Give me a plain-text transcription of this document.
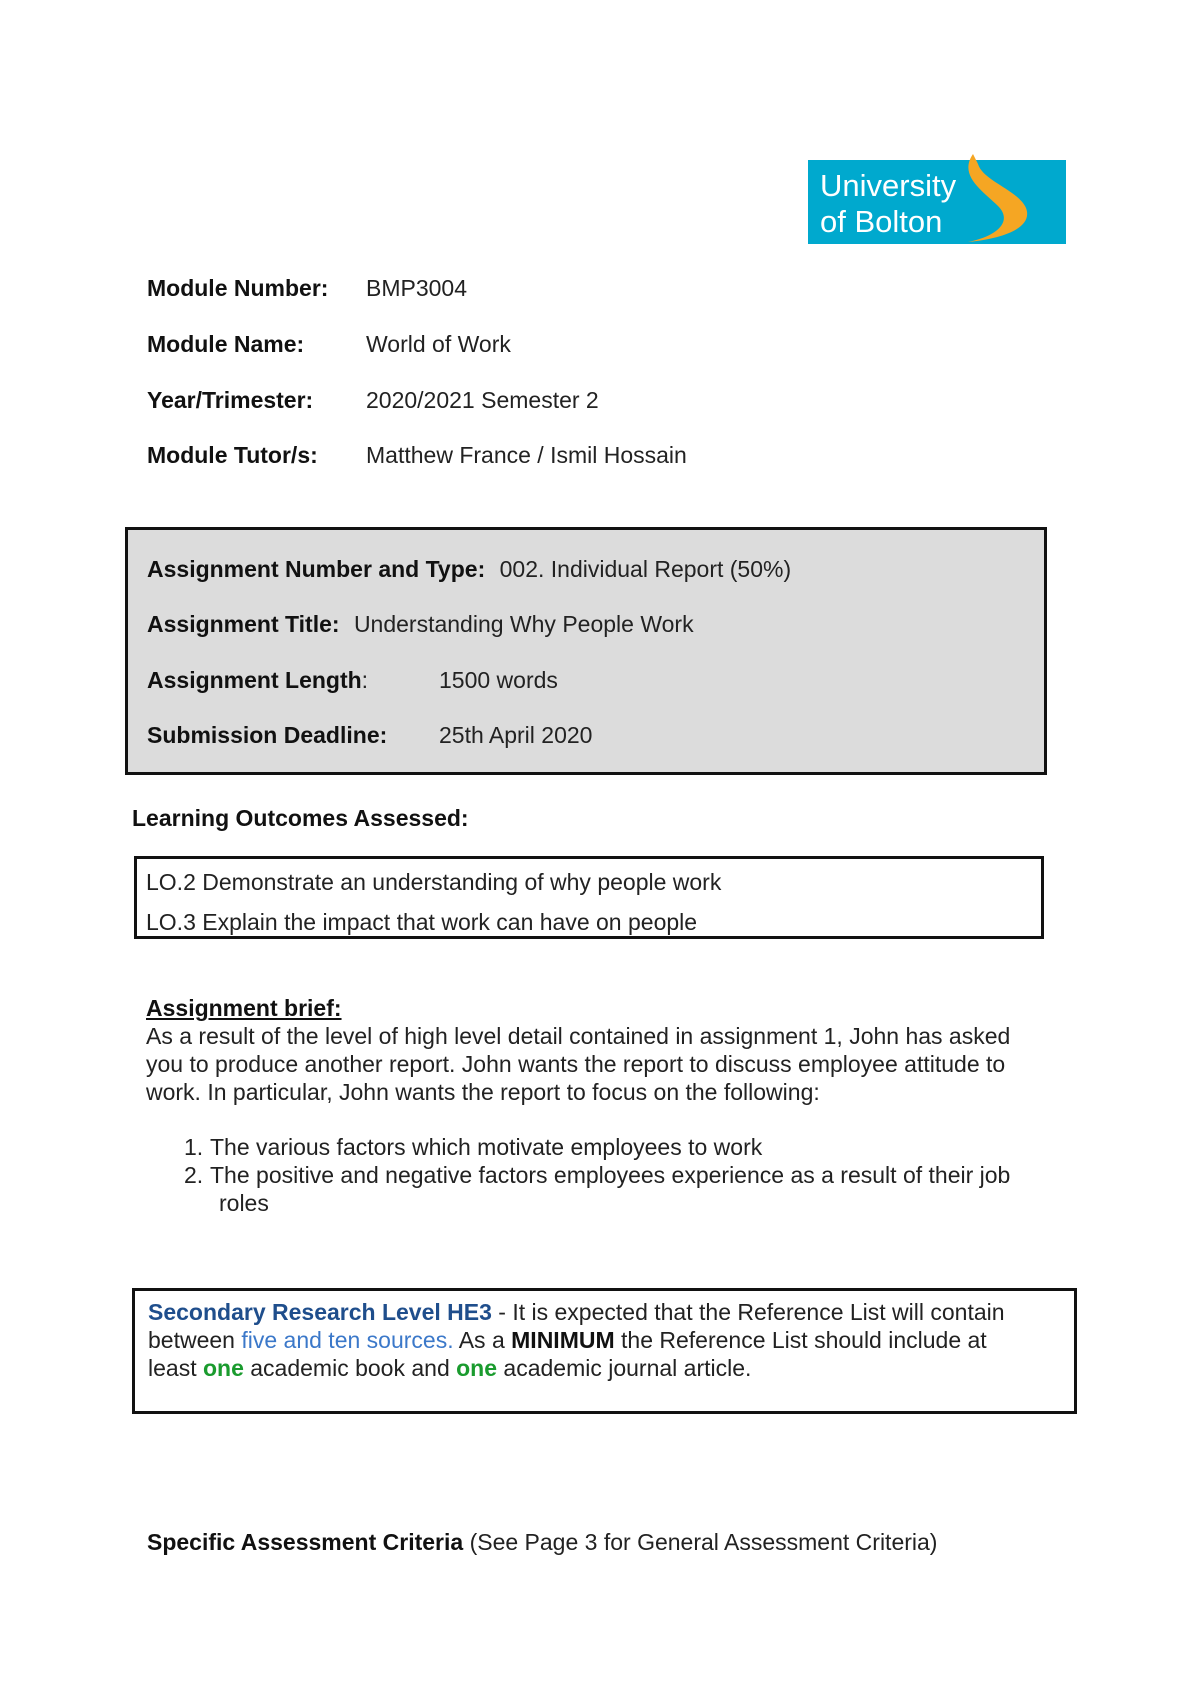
University
of Bolton
Module Number: BMP3004
Module Name:	World of Work
Year/Trimester: 2020/2021 Semester 2
Module Tutor/s: Matthew France / Ismil Hossain
Assignment Number and Type: 002. Individual Report (50%)
Assignment Title: Understanding Why People Work
Assignment Length:	1500 words
Submission Deadline: 25th April 2020
Learning Outcomes Assessed:
LO.2 Demonstrate an understanding of why people work
LO.3 Explain the impact that work can have on people
Assignment brief:
As a result of the level of high level detail contained in assignment 1, John has asked
you to produce another report. John wants the report to discuss employee attitude to
work. In particular, John wants the report to focus on the following:
1. The various factors which motivate employees to work
2. The positive and negative factors employees experience as a result of their job
roles
Secondary Research Level HE3 - It is expected that the Reference List will contain
between five and ten sources. As a MINIMUM the Reference List should include at
least one academic book and one academic journal article.
Specific Assessment Criteria (See Page 3 for General Assessment Criteria)
